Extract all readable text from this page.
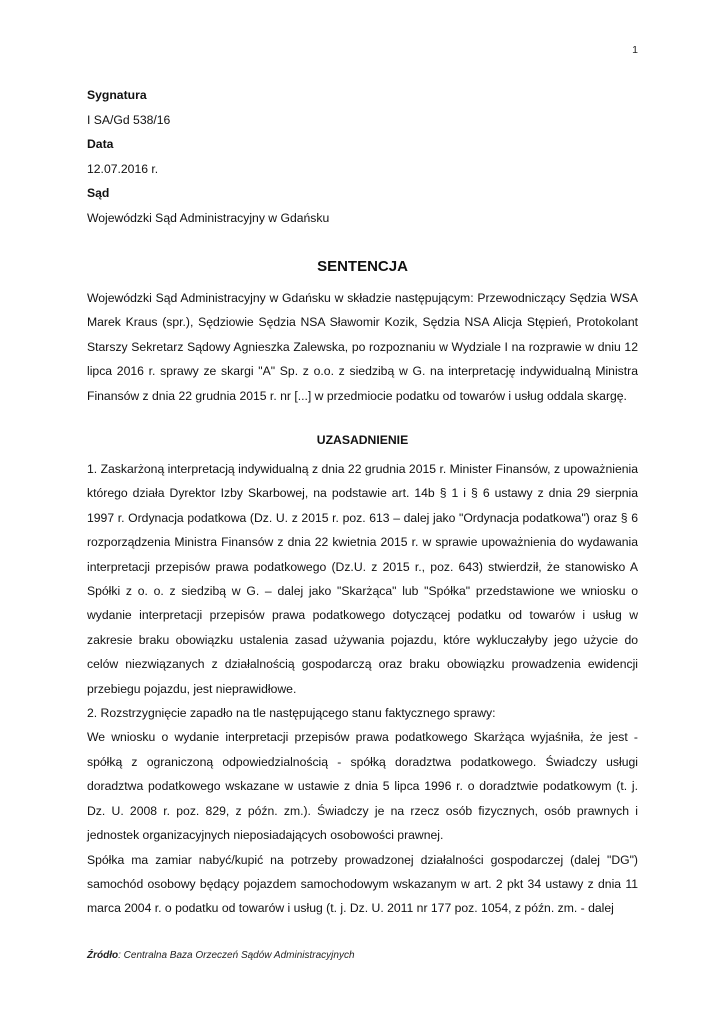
1
Sygnatura
I SA/Gd 538/16
Data
12.07.2016 r.
Sąd
Wojewódzki Sąd Administracyjny w Gdańsku
SENTENCJA

Wojewódzki Sąd Administracyjny w Gdańsku w składzie następującym: Przewodniczący Sędzia WSA Marek Kraus (spr.), Sędziowie Sędzia NSA Sławomir Kozik, Sędzia NSA Alicja Stępień, Protokolant Starszy Sekretarz Sądowy Agnieszka Zalewska, po rozpoznaniu w Wydziale I na rozprawie w dniu 12 lipca 2016 r. sprawy ze skargi "A" Sp. z o.o. z siedzibą w G. na interpretację indywidualną Ministra Finansów z dnia 22 grudnia 2015 r. nr [...] w przedmiocie podatku od towarów i usług oddala skargę.

UZASADNIENIE

1. Zaskarżoną interpretacją indywidualną z dnia 22 grudnia 2015 r. Minister Finansów, z upoważnienia którego działa Dyrektor Izby Skarbowej, na podstawie art. 14b § 1 i § 6 ustawy z dnia 29 sierpnia 1997 r. Ordynacja podatkowa (Dz. U. z 2015 r. poz. 613 – dalej jako "Ordynacja podatkowa") oraz § 6 rozporządzenia Ministra Finansów z dnia 22 kwietnia 2015 r. w sprawie upoważnienia do wydawania interpretacji przepisów prawa podatkowego (Dz.U. z 2015 r., poz. 643) stwierdził, że stanowisko A Spółki z o. o. z siedzibą w G. – dalej jako "Skarżąca" lub "Spółka" przedstawione we wniosku o wydanie interpretacji przepisów prawa podatkowego dotyczącej podatku od towarów i usług w zakresie braku obowiązku ustalenia zasad używania pojazdu, które wykluczałyby jego użycie do celów niezwiązanych z działalnością gospodarczą oraz braku obowiązku prowadzenia ewidencji przebiegu pojazdu, jest nieprawidłowe.

2. Rozstrzygnięcie zapadło na tle następującego stanu faktycznego sprawy:

We wniosku o wydanie interpretacji przepisów prawa podatkowego Skarżąca wyjaśniła, że jest - spółką z ograniczoną odpowiedzialnością - spółką doradztwa podatkowego. Świadczy usługi doradztwa podatkowego wskazane w ustawie z dnia 5 lipca 1996 r. o doradztwie podatkowym (t. j. Dz. U. 2008 r. poz. 829, z późn. zm.). Świadczy je na rzecz osób fizycznych, osób prawnych i jednostek organizacyjnych nieposiadających osobowości prawnej.

Spółka ma zamiar nabyć/kupić na potrzeby prowadzonej działalności gospodarczej (dalej "DG") samochód osobowy będący pojazdem samochodowym wskazanym w art. 2 pkt 34 ustawy z dnia 11 marca 2004 r. o podatku od towarów i usług (t. j. Dz. U. 2011 nr 177 poz. 1054, z późn. zm. - dalej

Źródło: Centralna Baza Orzeczeń Sądów Administracyjnych
